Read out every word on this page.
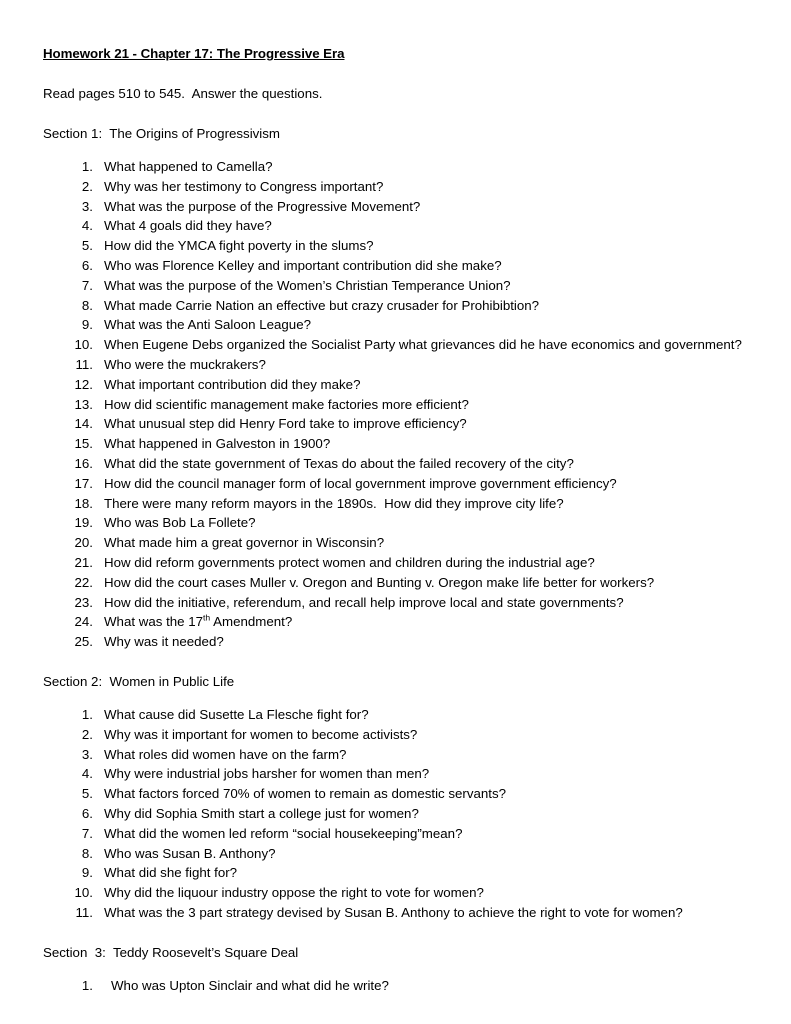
Homework 21 - Chapter 17: The Progressive Era

Read pages 510 to 545.  Answer the questions.

Section 1:  The Origins of Progressivism

1. What happened to Camella?
2. Why was her testimony to Congress important?
3. What was the purpose of the Progressive Movement?
4. What 4 goals did they have?
5. How did the YMCA fight poverty in the slums?
6. Who was Florence Kelley and important contribution did she make?
7. What was the purpose of the Women’s Christian Temperance Union?
8. What made Carrie Nation an effective but crazy crusader for Prohibibtion?
9. What was the Anti Saloon League?
10. When Eugene Debs organized the Socialist Party what grievances did he have economics and government?
11. Who were the muckrakers?
12. What important contribution did they make?
13. How did scientific management make factories more efficient?
14. What unusual step did Henry Ford take to improve efficiency?
15. What happened in Galveston in 1900?
16. What did the state government of Texas do about the failed recovery of the city?
17. How did the council manager form of local government improve government efficiency?
18. There were many reform mayors in the 1890s.  How did they improve city life?
19. Who was Bob La Follete?
20. What made him a great governor in Wisconsin?
21. How did reform governments protect women and children during the industrial age?
22. How did the court cases Muller v. Oregon and Bunting v. Oregon make life better for workers?
23. How did the initiative, referendum, and recall help improve local and state governments?
24. What was the 17th Amendment?
25. Why was it needed?

Section 2:  Women in Public Life

1. What cause did Susette La Flesche fight for?
2. Why was it important for women to become activists?
3. What roles did women have on the farm?
4. Why were industrial jobs harsher for women than men?
5. What factors forced 70% of women to remain as domestic servants?
6. Why did Sophia Smith start a college just for women?
7. What did the women led reform “social housekeeping”mean?
8. Who was Susan B. Anthony?
9. What did she fight for?
10. Why did the liquour industry oppose the right to vote for women?
11. What was the 3 part strategy devised by Susan B. Anthony to achieve the right to vote for women?

Section  3:  Teddy Roosevelt’s Square Deal

1. Who was Upton Sinclair and what did he write?
